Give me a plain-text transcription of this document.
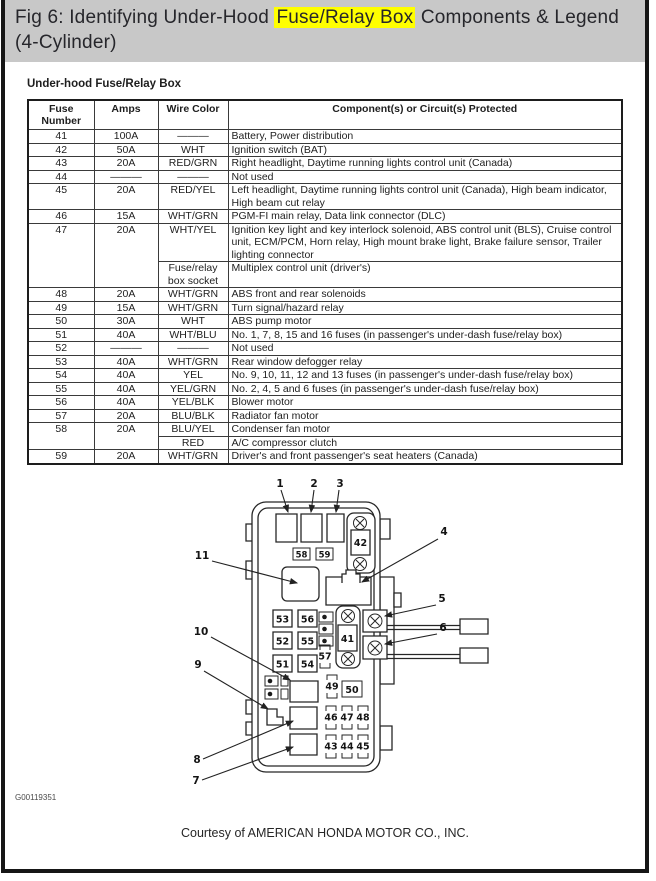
Fig 6: Identifying Under-Hood Fuse/Relay Box Components & Legend (4-Cylinder)
Under-hood Fuse/Relay Box
Fuse Number	Amps	Wire Color	Component(s) or Circuit(s) Protected
41	100A	———	Battery, Power distribution
42	50A	WHT	Ignition switch (BAT)
43	20A	RED/GRN	Right headlight, Daytime running lights control unit (Canada)
44	———	———	Not used
45	20A	RED/YEL	Left headlight, Daytime running lights control unit (Canada), High beam indicator, High beam cut relay
46	15A	WHT/GRN	PGM-FI main relay, Data link connector (DLC)
47	20A	WHT/YEL	Ignition key light and key interlock solenoid, ABS control unit (BLS), Cruise control unit, ECM/PCM, Horn relay, High mount brake light, Brake failure sensor, Trailer lighting connector
		Fuse/relay box socket	Multiplex control unit (driver's)
48	20A	WHT/GRN	ABS front and rear solenoids
49	15A	WHT/GRN	Turn signal/hazard relay
50	30A	WHT	ABS pump motor
51	40A	WHT/BLU	No. 1, 7, 8, 15 and 16 fuses (in passenger's under-dash fuse/relay box)
52	———	———	Not used
53	40A	WHT/GRN	Rear window defogger relay
54	40A	YEL	No. 9, 10, 11, 12 and 13 fuses (in passenger's under-dash fuse/relay box)
55	40A	YEL/GRN	No. 2, 4, 5 and 6 fuses (in passenger's under-dash fuse/relay box)
56	40A	YEL/BLK	Blower motor
57	20A	BLU/BLK	Radiator fan motor
58	20A	BLU/YEL	Condenser fan motor
		RED	A/C compressor clutch
59	20A	WHT/GRN	Driver's and front passenger's seat heaters (Canada)
58 59
42
53 56
52 55
51 54
57
41
49 50
46 47 48
43 44 45
1	2 3
4
5
6
11
10
9
8
7
G00119351
Courtesy of AMERICAN HONDA MOTOR CO., INC.
